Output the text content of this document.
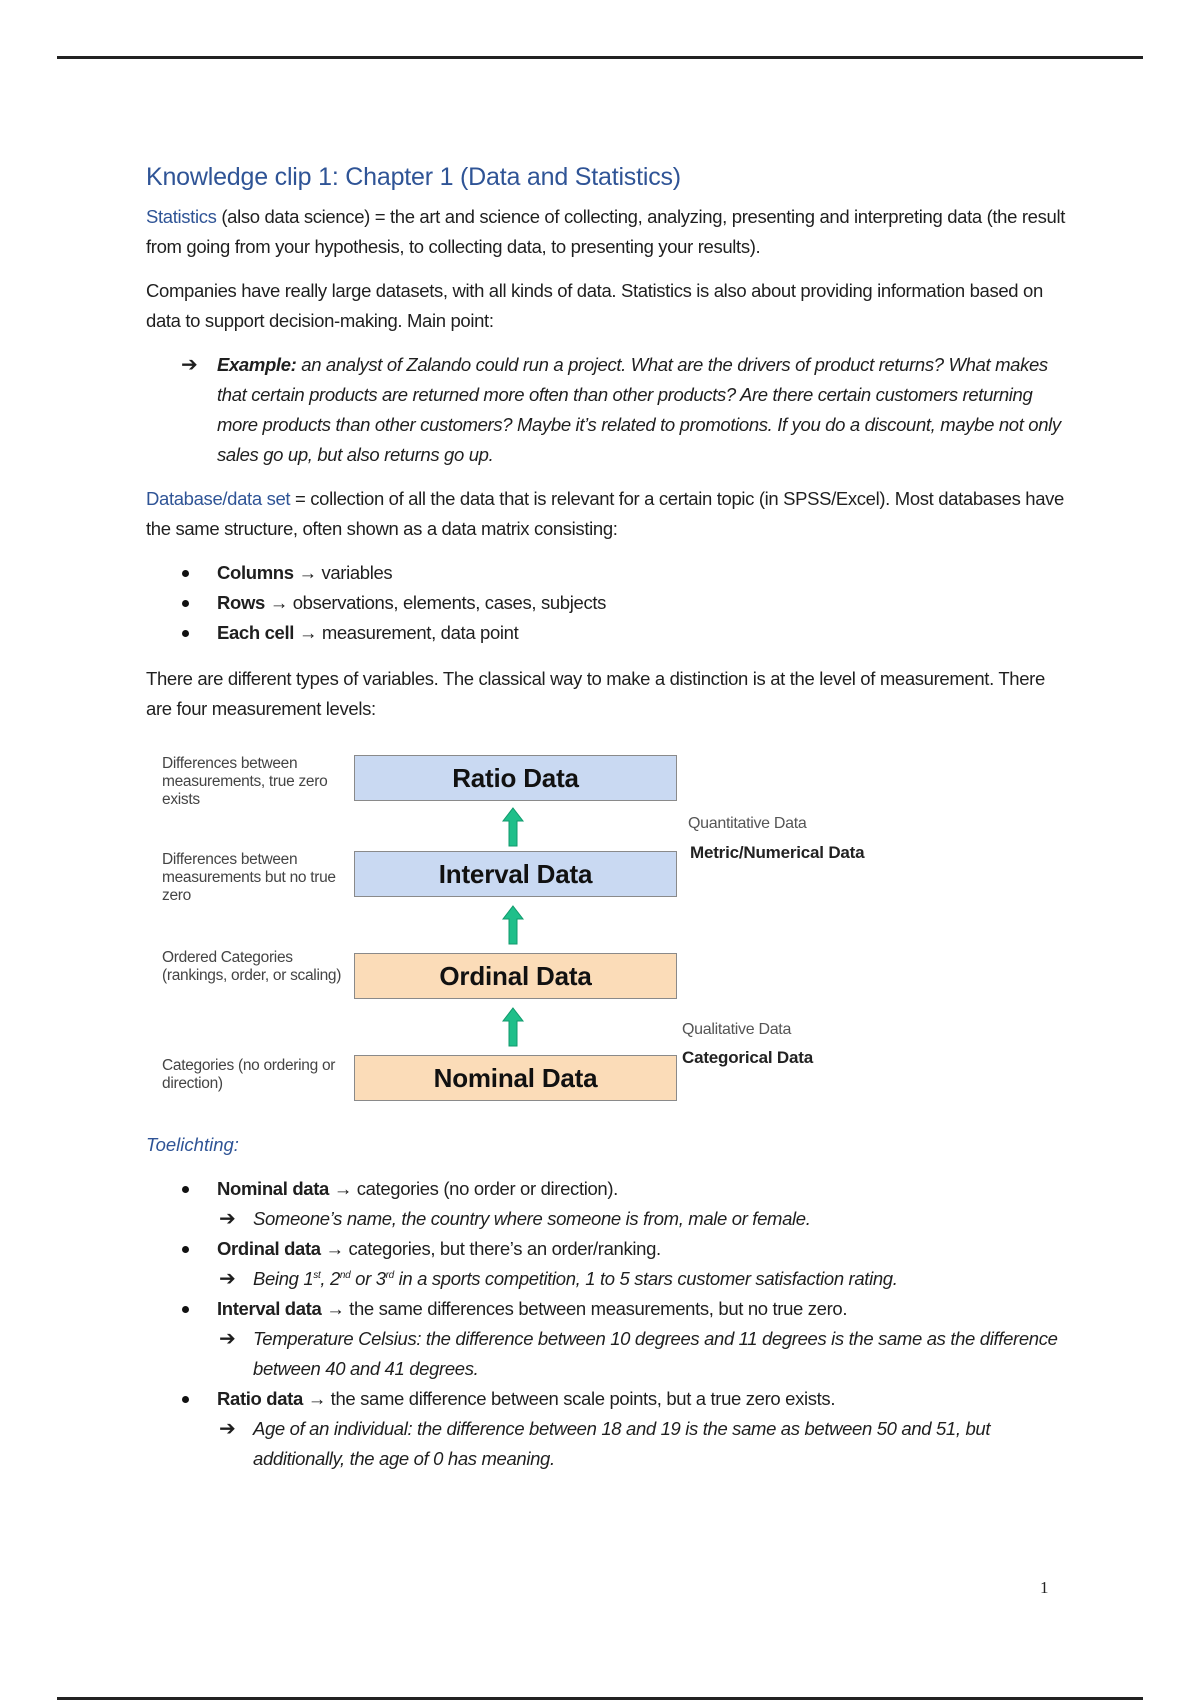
Knowledge clip 1: Chapter 1 (Data and Statistics)

Statistics (also data science) = the art and science of collecting, analyzing, presenting and interpreting data (the result from going from your hypothesis, to collecting data, to presenting your results).

Companies have really large datasets, with all kinds of data. Statistics is also about providing information based on data to support decision-making. Main point:

➔ Example: an analyst of Zalando could run a project. What are the drivers of product returns? What makes that certain products are returned more often than other products? Are there certain customers returning more products than other customers? Maybe it’s related to promotions. If you do a discount, maybe not only sales go up, but also returns go up.

Database/data set = collection of all the data that is relevant for a certain topic (in SPSS/Excel). Most databases have the same structure, often shown as a data matrix consisting:

Columns → variables
Rows → observations, elements, cases, subjects
Each cell → measurement, data point

There are different types of variables. The classical way to make a distinction is at the level of measurement. There are four measurement levels:

Differences between measurements, true zero exists
Ratio Data
Differences between measurements but no true zero
Interval Data
Ordered Categories (rankings, order, or scaling)	Ordinal Data
Categories (no ordering or direction)	Nominal Data
Quantitative Data
Metric/Numerical Data
Qualitative Data
Categorical Data
Toelichting:
Nominal data → categories (no order or direction).
➔ Someone’s name, the country where someone is from, male or female.
Ordinal data → categories, but there’s an order/ranking.
➔ Being 1st, 2nd or 3rd in a sports competition, 1 to 5 stars customer satisfaction rating.
Interval data → the same differences between measurements, but no true zero.
➔ Temperature Celsius: the difference between 10 degrees and 11 degrees is the same as the difference between 40 and 41 degrees.
Ratio data → the same difference between scale points, but a true zero exists.
➔ Age of an individual: the difference between 18 and 19 is the same as between 50 and 51, but additionally, the age of 0 has meaning.
1
